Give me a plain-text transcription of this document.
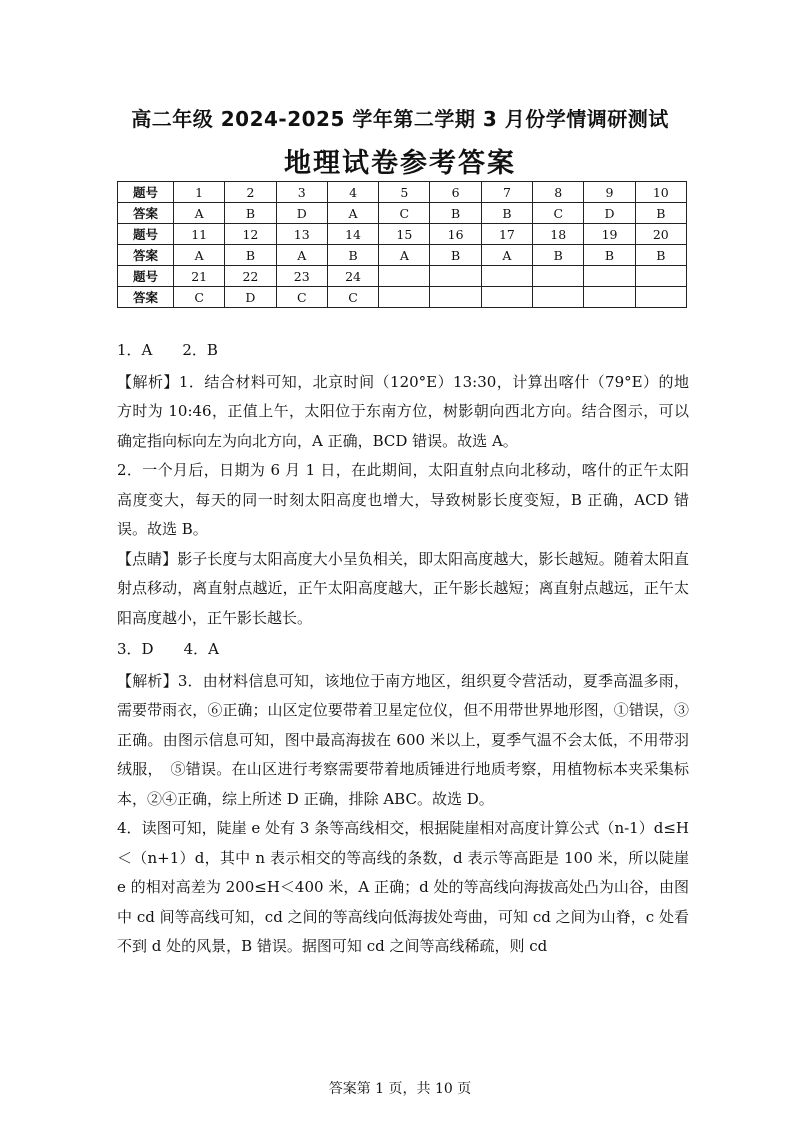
高二年级 2024-2025 学年第二学期 3 月份学情调研测试
地理试卷参考答案
题号	1	2	3	4	5	6	7	8	9	10
答案	A	B	D	A	C	B	B	C	D	B
题号	11	12	13	14	15	16	17	18	19	20
答案	A	B	A	B	A	B	A	B	B	B
题号	21	22	23	24						
答案	C	D	C	C						

1．A　　2．B

【解析】1．结合材料可知，北京时间（120°E）13:30，计算出喀什（79°E）的地方时为 10:46，正值上午，太阳位于东南方位，树影朝向西北方向。结合图示，可以确定指向标向左为向北方向，A 正确，BCD 错误。故选 A。

2．一个月后，日期为 6 月 1 日，在此期间，太阳直射点向北移动，喀什的正午太阳高度变大，每天的同一时刻太阳高度也增大，导致树影长度变短，B 正确，ACD 错误。故选 B。

【点睛】影子长度与太阳高度大小呈负相关，即太阳高度越大，影长越短。随着太阳直射点移动，离直射点越近，正午太阳高度越大，正午影长越短；离直射点越远，正午太阳高度越小，正午影长越长。

3．D　　4．A

【解析】3．由材料信息可知，该地位于南方地区，组织夏令营活动，夏季高温多雨，需要带雨衣，⑥正确；山区定位要带着卫星定位仪，但不用带世界地形图，①错误，③正确。由图示信息可知，图中最高海拔在 600 米以上，夏季气温不会太低，不用带羽绒服，　⑤错误。在山区进行考察需要带着地质锤进行地质考察，用植物标本夹采集标本，②④正确，综上所述 D 正确，排除 ABC。故选 D。

4．读图可知，陡崖 e 处有 3 条等高线相交，根据陡崖相对高度计算公式（n-1）d≤H＜（n+1）d，其中 n 表示相交的等高线的条数，d 表示等高距是 100 米，所以陡崖 e 的相对高差为 200≤H＜400 米，A 正确；d 处的等高线向海拔高处凸为山谷，由图中 cd 间等高线可知，cd 之间的等高线向低海拔处弯曲，可知 cd 之间为山脊，c 处看不到 d 处的风景，B 错误。据图可知 cd 之间等高线稀疏，则 cd

答案第 1 页，共 10 页
